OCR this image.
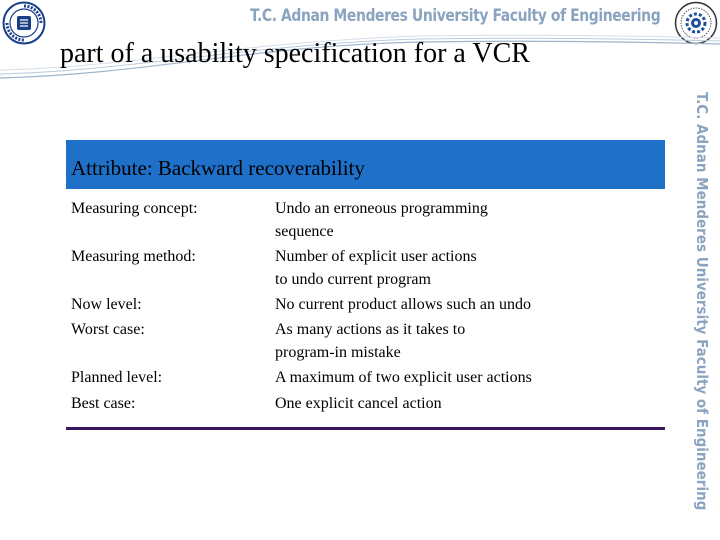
T.C. Adnan Menderes University Faculty of Engineering
part of a usability specification for a VCR
T.C. Adnan Menderes University Faculty of Engineering
Attribute: Backward recoverability
Measuring concept:	Undo an erroneous programming
sequence
Measuring method:	Number of explicit user actions
to undo current program
Now level:	No current product allows such an undo
Worst case:	As many actions as it takes to
program-in mistake
Planned level:	A maximum of two explicit user actions
Best case:	One explicit cancel action
